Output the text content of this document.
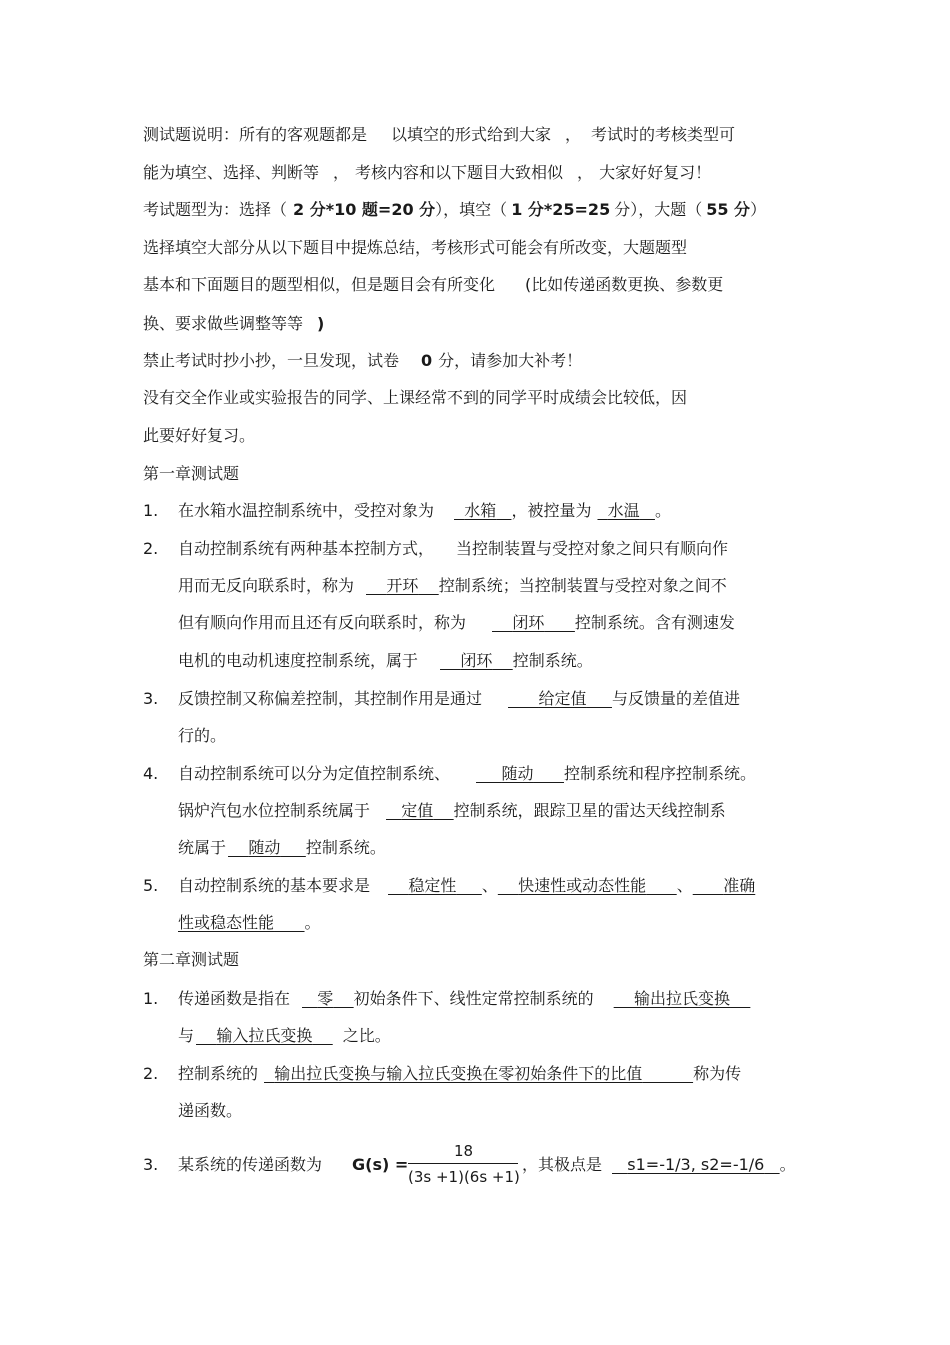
测试题说明：所有的客观题都是 以填空的形式给到大家 ， 考试时的考核类型可
能为填空、选择、判断等 ， 考核内容和以下题目大致相似 ， 大家好好复习！
考试题型为：选择（ 2 分*10 题=20 分），填空（ 1 分*25=25 分），大题（ 55 分）
选择填空大部分从以下题目中提炼总结，考核形式可能会有所改变，大题题型
基本和下面题目的题型相似，但是题目会有所变化 (比如传递函数更换、参数更
换、要求做些调整等等 )
禁止考试时抄小抄，一旦发现，试卷 0 分，请参加大补考！
没有交全作业或实验报告的同学、上课经常不到的同学平时成绩会比较低，因
此要好好复习。
第一章测试题
1. 在水箱水温控制系统中，受控对象为 水箱 ，被控量为 水温 。
2. 自动控制系统有两种基本控制方式， 当控制装置与受控对象之间只有顺向作
用而无反向联系时，称为 开环 控制系统；当控制装置与受控对象之间不
但有顺向作用而且还有反向联系时，称为	闭环 控制系统。含有测速发
电机的电动机速度控制系统，属于	闭环 控制系统。
3. 反馈控制又称偏差控制，其控制作用是通过	给定值 与反馈量的差值进
行的。
4. 自动控制系统可以分为定值控制系统、	随动 控制系统和程序控制系统。
锅炉汽包水位控制系统属于 定值 控制系统，跟踪卫星的雷达天线控制系
统属于 随动 控制系统。
5. 自动控制系统的基本要求是 稳定性 、 快速性或动态性能 、 准确
性或稳态性能 。
第二章测试题
1. 传递函数是指在 零 初始条件下、线性定常控制系统的	输出拉氏变换
与 输入拉氏变换 之比。
2. 控制系统的 输出拉氏变换与输入拉氏变换在零初始条件下的比值	称为传
递函数。
3. 某系统的传递函数为 G(s) =
18
(3s +1)(6s +1)
，其极点是 s1=-1/3, s2=-1/6 。
